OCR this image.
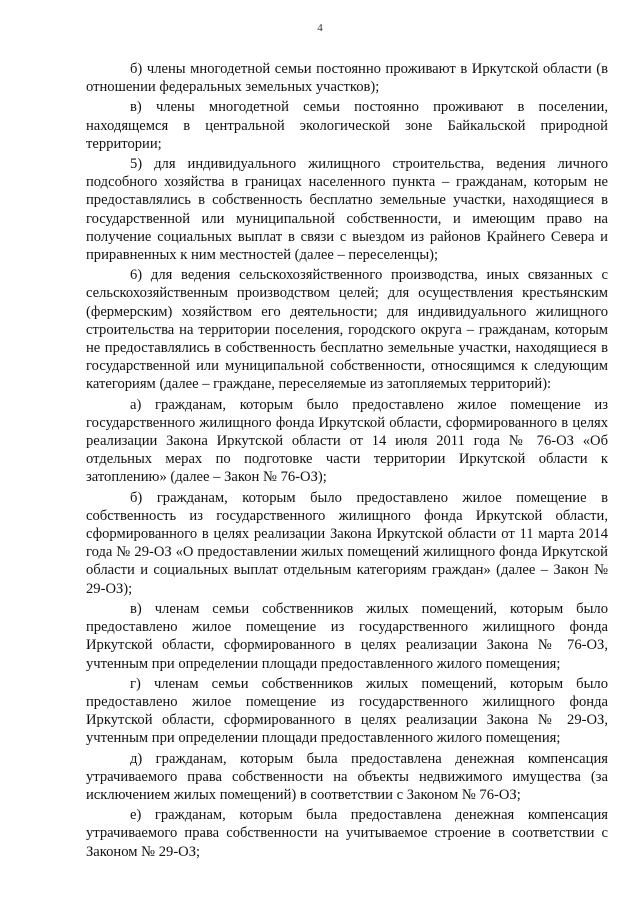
4

б) члены многодетной семьи постоянно проживают в Иркутской области (в отношении федеральных земельных участков);

в) члены многодетной семьи постоянно проживают в поселении, находящемся в центральной экологической зоне Байкальской природной территории;

5) для индивидуального жилищного строительства, ведения личного подсобного хозяйства в границах населенного пункта – гражданам, которым не предоставлялись в собственность бесплатно земельные участки, находящиеся в государственной или муниципальной собственности, и имеющим право на получение социальных выплат в связи с выездом из районов Крайнего Севера и приравненных к ним местностей (далее – переселенцы);

6) для ведения сельскохозяйственного производства, иных связанных с сельскохозяйственным производством целей; для осуществления крестьянским (фермерским) хозяйством его деятельности; для индивидуального жилищного строительства на территории поселения, городского округа – гражданам, которым не предоставлялись в собственность бесплатно земельные участки, находящиеся в государственной или муниципальной собственности, относящимся к следующим категориям (далее – граждане, переселяемые из затопляемых территорий):

а) гражданам, которым было предоставлено жилое помещение из государственного жилищного фонда Иркутской области, сформированного в целях реализации Закона Иркутской области от 14 июля 2011 года № 76-ОЗ «Об отдельных мерах по подготовке части территории Иркутской области к затоплению» (далее – Закон № 76-ОЗ);

б) гражданам, которым было предоставлено жилое помещение в собственность из государственного жилищного фонда Иркутской области, сформированного в целях реализации Закона Иркутской области от 11 марта 2014 года № 29-ОЗ «О предоставлении жилых помещений жилищного фонда Иркутской области и социальных выплат отдельным категориям граждан» (далее – Закон № 29-ОЗ);

в) членам семьи собственников жилых помещений, которым было предоставлено жилое помещение из государственного жилищного фонда Иркутской области, сформированного в целях реализации Закона № 76-ОЗ, учтенным при определении площади предоставленного жилого помещения;

г) членам семьи собственников жилых помещений, которым было предоставлено жилое помещение из государственного жилищного фонда Иркутской области, сформированного в целях реализации Закона № 29-ОЗ, учтенным при определении площади предоставленного жилого помещения;

д) гражданам, которым была предоставлена денежная компенсация утрачиваемого права собственности на объекты недвижимого имущества (за исключением жилых помещений) в соответствии с Законом № 76-ОЗ;

е) гражданам, которым была предоставлена денежная компенсация утрачиваемого права собственности на учитываемое строение в соответствии с Законом № 29-ОЗ;
